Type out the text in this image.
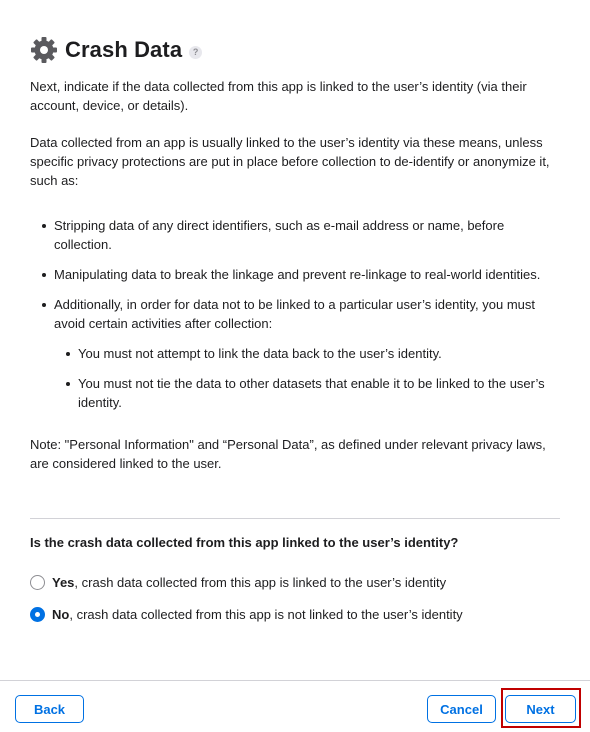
Crash Data	?

Next, indicate if the data collected from this app is linked to the user’s identity (via their account, device, or details).

Data collected from an app is usually linked to the user’s identity via these means, unless specific privacy protections are put in place before collection to de-identify or anonymize it, such as:

Stripping data of any direct identifiers, such as e-mail address or name, before collection.
Manipulating data to break the linkage and prevent re-linkage to real-world identities.
Additionally, in order for data not to be linked to a particular user’s identity, you must avoid certain activities after collection:
You must not attempt to link the data back to the user’s identity.
You must not tie the data to other datasets that enable it to be linked to the user’s identity.

Note: "Personal Information" and “Personal Data”, as defined under relevant privacy laws, are considered linked to the user.

Is the crash data collected from this app linked to the user’s identity?
Yes, crash data collected from this app is linked to the user’s identity
No, crash data collected from this app is not linked to the user’s identity
Back	Cancel	Next
